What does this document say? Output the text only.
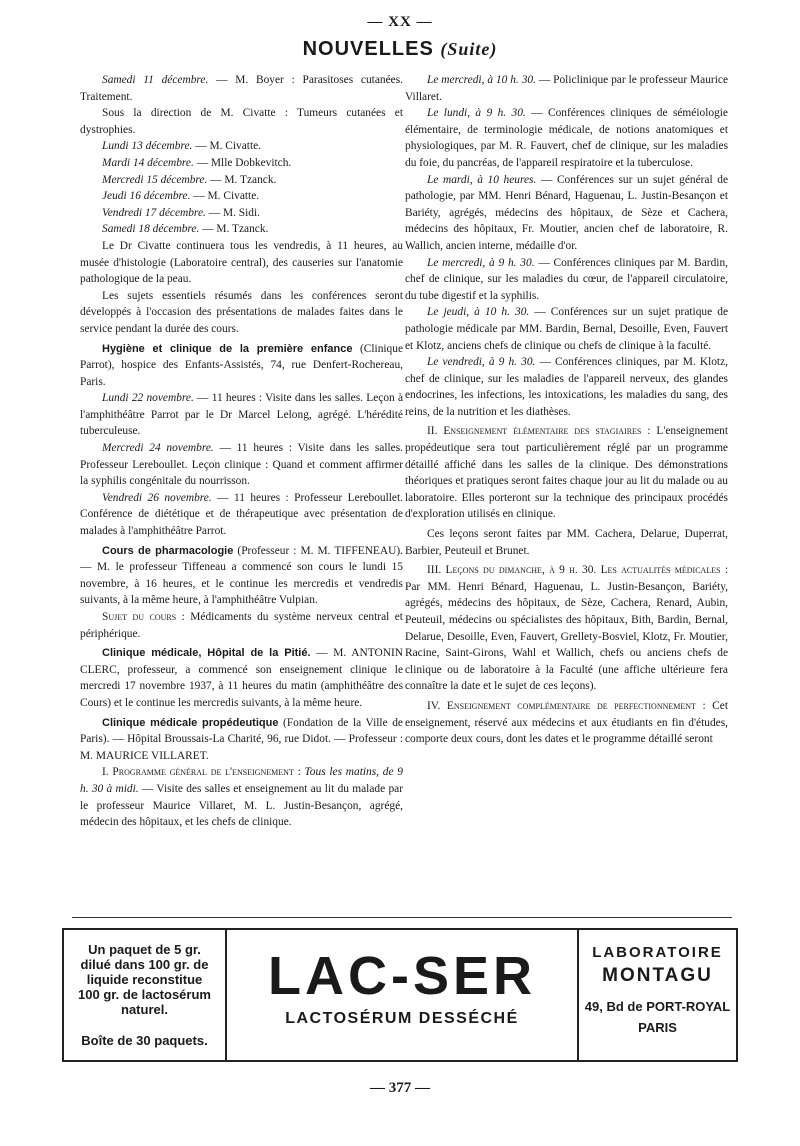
— XX —
NOUVELLES (Suite)

Samedi 11 décembre. — M. Boyer : Parasitoses cutanées. Traitement.

Sous la direction de M. Civatte : Tumeurs cutanées et dystrophies.

Lundi 13 décembre. — M. Civatte.

Mardi 14 décembre. — Mlle Dobkevitch.

Mercredi 15 décembre. — M. Tzanck.

Jeudi 16 décembre. — M. Civatte.

Vendredi 17 décembre. — M. Sidi.

Samedi 18 décembre. — M. Tzanck.

Le Dr Civatte continuera tous les vendredis, à 11 heures, au musée d'histologie (Laboratoire central), des causeries sur l'anatomie pathologique de la peau.

Les sujets essentiels résumés dans les conférences seront développés à l'occasion des présentations de malades faites dans le service pendant la durée des cours.

Hygiène et clinique de la première enfance (Clinique Parrot), hospice des Enfants-Assistés, 74, rue Denfert-Rochereau, Paris.

Lundi 22 novembre. — 11 heures : Visite dans les salles. Leçon à l'amphithéâtre Parrot par le Dr Marcel Lelong, agrégé. L'hérédité tuberculeuse.

Mercredi 24 novembre. — 11 heures : Visite dans les salles. Professeur Lereboullet. Leçon clinique : Quand et comment affirmer la syphilis congénitale du nourrisson.

Vendredi 26 novembre. — 11 heures : Professeur Lereboullet. Conférence de diététique et de thérapeutique avec présentation de malades à l'amphithéâtre Parrot.

Cours de pharmacologie (Professeur : M. M. TIFFENEAU). — M. le professeur Tiffeneau a commencé son cours le lundi 15 novembre, à 16 heures, et le continue les mercredis et vendredis suivants, à la même heure, à l'amphithéâtre Vulpian.

Sujet du cours : Médicaments du système nerveux central et périphérique.

Clinique médicale, Hôpital de la Pitié. — M. ANTONIN CLERC, professeur, a commencé son enseignement clinique le mercredi 17 novembre 1937, à 11 heures du matin (amphithéâtre des Cours) et le continue les mercredis suivants, à la même heure.

Clinique médicale propédeutique (Fondation de la Ville de Paris). — Hôpital Broussais-La Charité, 96, rue Didot. — Professeur : M. MAURICE VILLARET.

I. Programme général de l'enseignement : Tous les matins, de 9 h. 30 à midi. — Visite des salles et enseignement au lit du malade par le professeur Maurice Villaret, M. L. Justin-Besançon, agrégé, médecin des hôpitaux, et les chefs de clinique.

Le mercredi, à 10 h. 30. — Policlinique par le professeur Maurice Villaret.

Le lundi, à 9 h. 30. — Conférences cliniques de séméiologie élémentaire, de terminologie médicale, de notions anatomiques et physiologiques, par M. R. Fauvert, chef de clinique, sur les maladies du foie, du pancréas, de l'appareil respiratoire et la tuberculose.

Le mardi, à 10 heures. — Conférences sur un sujet général de pathologie, par MM. Henri Bénard, Haguenau, L. Justin-Besançon et Bariéty, agrégés, médecins des hôpitaux, de Sèze et Cachera, médecins des hôpitaux, Fr. Moutier, ancien chef de laboratoire, R. Wallich, ancien interne, médaille d'or.

Le mercredi, à 9 h. 30. — Conférences cliniques par M. Bardin, chef de clinique, sur les maladies du cœur, de l'appareil circulatoire, du tube digestif et la syphilis.

Le jeudi, à 10 h. 30. — Conférences sur un sujet pratique de pathologie médicale par MM. Bardin, Bernal, Desoille, Even, Fauvert et Klotz, anciens chefs de clinique ou chefs de clinique à la faculté.

Le vendredi, à 9 h. 30. — Conférences cliniques, par M. Klotz, chef de clinique, sur les maladies de l'appareil nerveux, des glandes endocrines, les infections, les intoxications, les maladies du sang, des reins, de la nutrition et les diathèses.

II. Enseignement élémentaire des stagiaires : L'enseignement propédeutique sera tout particulièrement réglé par un programme détaillé affiché dans les salles de la clinique. Des démonstrations théoriques et pratiques seront faites chaque jour au lit du malade ou au laboratoire. Elles porteront sur la technique des principaux procédés d'exploration utilisés en clinique.

Ces leçons seront faites par MM. Cachera, Delarue, Duperrat, Barbier, Peuteuil et Brunet.

III. Leçons du dimanche, à 9 h. 30. Les actualités médicales : Par MM. Henri Bénard, Haguenau, L. Justin-Besançon, Bariéty, agrégés, médecins des hôpitaux, de Sèze, Cachera, Renard, Aubin, Peuteuil, médecins ou spécialistes des hôpitaux, Bith, Bardin, Bernal, Delarue, Desoille, Even, Fauvert, Grellety-Bosviel, Klotz, Fr. Moutier, Racine, Saint-Girons, Wahl et Wallich, chefs ou anciens chefs de clinique ou de laboratoire à la Faculté (une affiche ultérieure fera connaître la date et le sujet de ces leçons).

IV. Enseignement complémentaire de perfectionnement : Cet enseignement, réservé aux médecins et aux étudiants en fin d'études, comporte deux cours, dont les dates et le programme détaillé seront

Un paquet de 5 gr.
dilué dans 100 gr. de
liquide reconstitue
100 gr. de lactosérum
naturel.
Boîte de 30 paquets.
LAC-SER
LACTOSÉRUM DESSÉCHÉ
LABORATOIRE
MONTAGU
49, Bd de PORT-ROYAL
PARIS
— 377 —
